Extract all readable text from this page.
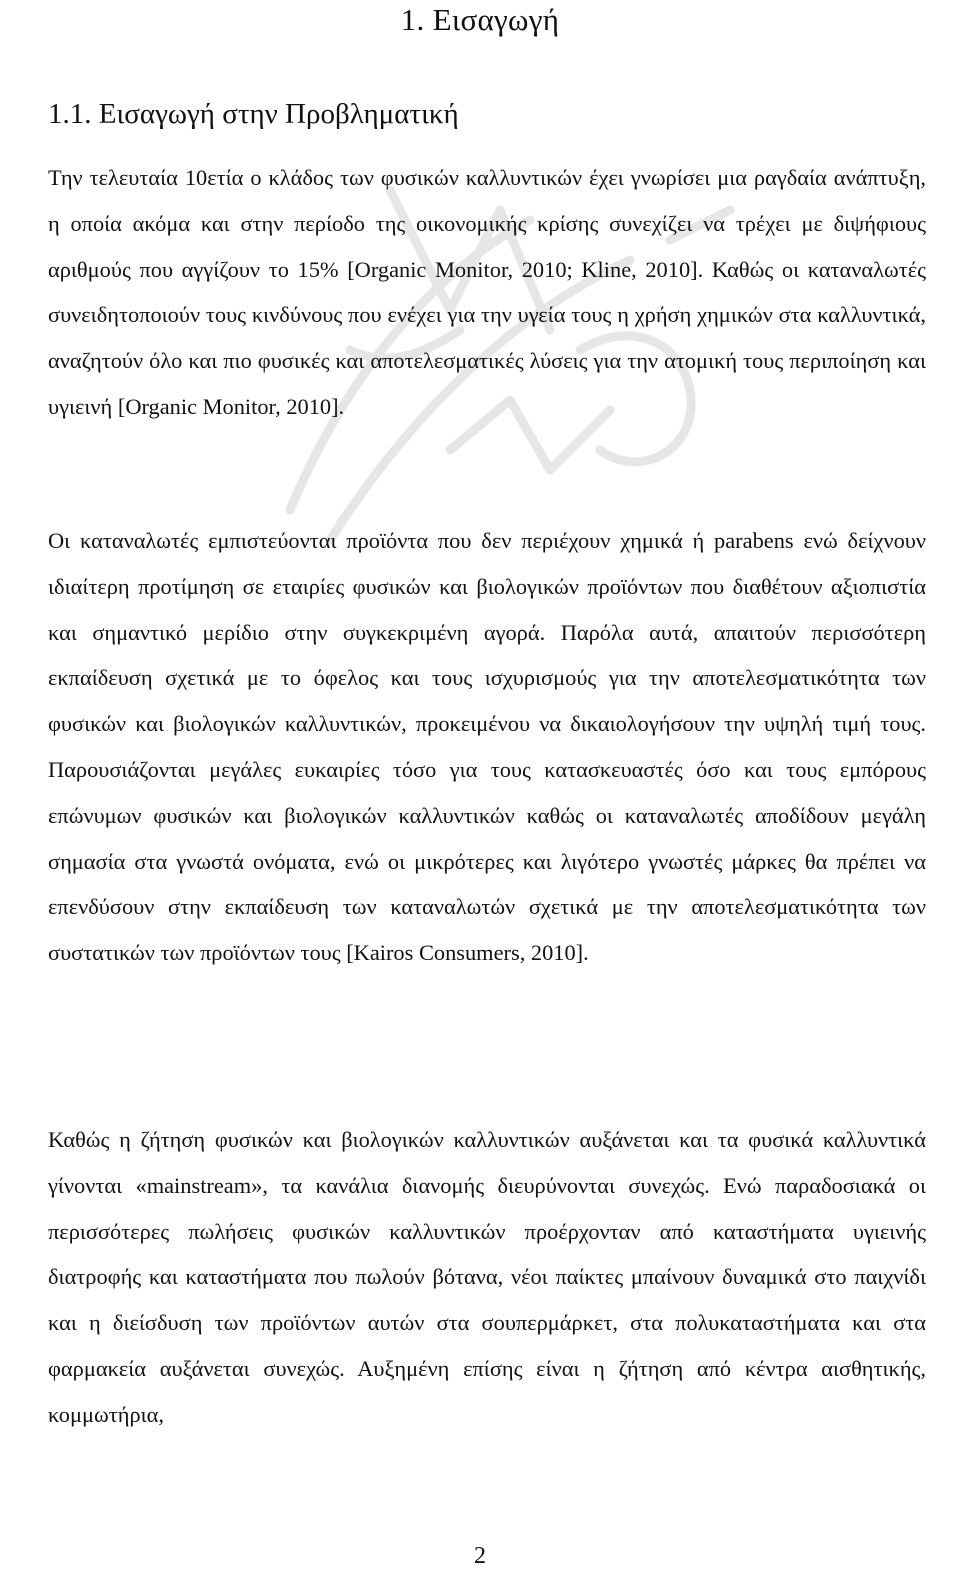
1. Εισαγωγή
1.1. Εισαγωγή στην Προβληματική

Την τελευταία 10ετία ο κλάδος των φυσικών καλλυντικών έχει γνωρίσει μια ραγδαία ανάπτυξη, η οποία ακόμα και στην περίοδο της οικονομικής κρίσης συνεχίζει να τρέχει με διψήφιους αριθμούς που αγγίζουν το 15% [Organic Monitor, 2010; Kline, 2010]. Καθώς οι καταναλωτές συνειδητοποιούν τους κινδύνους που ενέχει για την υγεία τους η χρήση χημικών στα καλλυντικά, αναζητούν όλο και πιο φυσικές και αποτελεσματικές λύσεις για την ατομική τους περιποίηση και υγιεινή [Organic Monitor, 2010].

Οι καταναλωτές εμπιστεύονται προϊόντα που δεν περιέχουν χημικά ή parabens ενώ δείχνουν ιδιαίτερη προτίμηση σε εταιρίες φυσικών και βιολογικών προϊόντων που διαθέτουν αξιοπιστία και σημαντικό μερίδιο στην συγκεκριμένη αγορά. Παρόλα αυτά, απαιτούν περισσότερη εκπαίδευση σχετικά με το όφελος και τους ισχυρισμούς για την αποτελεσματικότητα των φυσικών και βιολογικών καλλυντικών, προκειμένου να δικαιολογήσουν την υψηλή τιμή τους. Παρουσιάζονται μεγάλες ευκαιρίες τόσο για τους κατασκευαστές όσο και τους εμπόρους επώνυμων φυσικών και βιολογικών καλλυντικών καθώς οι καταναλωτές αποδίδουν μεγάλη σημασία στα γνωστά ονόματα, ενώ οι μικρότερες και λιγότερο γνωστές μάρκες θα πρέπει να επενδύσουν στην εκπαίδευση των καταναλωτών σχετικά με την αποτελεσματικότητα των συστατικών των προϊόντων τους [Kairos Consumers, 2010].

Καθώς η ζήτηση φυσικών και βιολογικών καλλυντικών αυξάνεται και τα φυσικά καλλυντικά γίνονται «mainstream», τα κανάλια διανομής διευρύνονται συνεχώς. Ενώ παραδοσιακά οι περισσότερες πωλήσεις φυσικών καλλυντικών προέρχονταν από καταστήματα υγιεινής διατροφής και καταστήματα που πωλούν βότανα, νέοι παίκτες μπαίνουν δυναμικά στο παιχνίδι και η διείσδυση των προϊόντων αυτών στα σουπερμάρκετ, στα πολυκαταστήματα και στα φαρμακεία αυξάνεται συνεχώς. Αυξημένη επίσης είναι η ζήτηση από κέντρα αισθητικής, κομμωτήρια,

2
